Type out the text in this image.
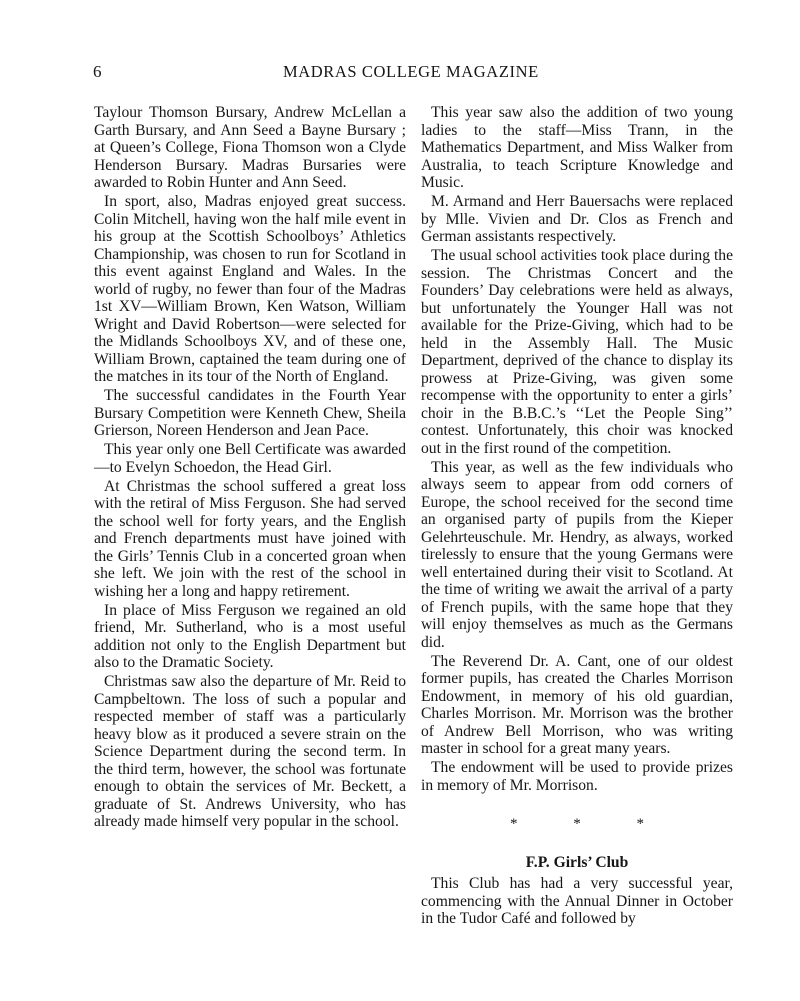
6	MADRAS COLLEGE MAGAZINE

Taylour Thomson Bursary, Andrew McLellan a Garth Bursary, and Ann Seed a Bayne Bursary ; at Queen’s College, Fiona Thomson won a Clyde Henderson Bursary. Madras Bursaries were awarded to Robin Hunter and Ann Seed.

In sport, also, Madras enjoyed great success. Colin Mitchell, having won the half mile event in his group at the Scottish Schoolboys’ Athletics Championship, was chosen to run for Scotland in this event against England and Wales. In the world of rugby, no fewer than four of the Madras 1st XV—William Brown, Ken Watson, William Wright and David Robertson—were selected for the Midlands Schoolboys XV, and of these one, William Brown, captained the team during one of the matches in its tour of the North of England.

The successful candidates in the Fourth Year Bursary Competition were Kenneth Chew, Sheila Grierson, Noreen Henderson and Jean Pace.

This year only one Bell Certificate was awarded—to Evelyn Schoedon, the Head Girl.

At Christmas the school suffered a great loss with the retiral of Miss Ferguson. She had served the school well for forty years, and the English and French departments must have joined with the Girls’ Tennis Club in a concerted groan when she left. We join with the rest of the school in wishing her a long and happy retirement.

In place of Miss Ferguson we regained an old friend, Mr. Sutherland, who is a most useful addition not only to the English Department but also to the Dramatic Society.

Christmas saw also the departure of Mr. Reid to Campbeltown. The loss of such a popular and respected member of staff was a particularly heavy blow as it produced a severe strain on the Science Department during the second term. In the third term, however, the school was fortunate enough to obtain the services of Mr. Beckett, a graduate of St. Andrews University, who has already made himself very popular in the school.

This year saw also the addition of two young ladies to the staff—Miss Trann, in the Mathematics Department, and Miss Walker from Australia, to teach Scripture Knowledge and Music.

M. Armand and Herr Bauersachs were replaced by Mlle. Vivien and Dr. Clos as French and German assistants respectively.

The usual school activities took place during the session. The Christmas Concert and the Founders’ Day celebrations were held as always, but unfortunately the Younger Hall was not available for the Prize-Giving, which had to be held in the Assembly Hall. The Music Department, deprived of the chance to display its prowess at Prize-Giving, was given some recompense with the opportunity to enter a girls’ choir in the B.B.C.’s ‘‘Let the People Sing’’ contest. Unfortunately, this choir was knocked out in the first round of the competition.

This year, as well as the few individuals who always seem to appear from odd corners of Europe, the school received for the second time an organised party of pupils from the Kieper Gelehrteuschule. Mr. Hendry, as always, worked tirelessly to ensure that the young Germans were well entertained during their visit to Scotland. At the time of writing we await the arrival of a party of French pupils, with the same hope that they will enjoy themselves as much as the Germans did.

The Reverend Dr. A. Cant, one of our oldest former pupils, has created the Charles Morrison Endowment, in memory of his old guardian, Charles Morrison. Mr. Morrison was the brother of Andrew Bell Morrison, who was writing master in school for a great many years.

The endowment will be used to provide prizes in memory of Mr. Morrison.

* * *
F.P. Girls’ Club

This Club has had a very successful year, commencing with the Annual Dinner in October in the Tudor Café and followed by
